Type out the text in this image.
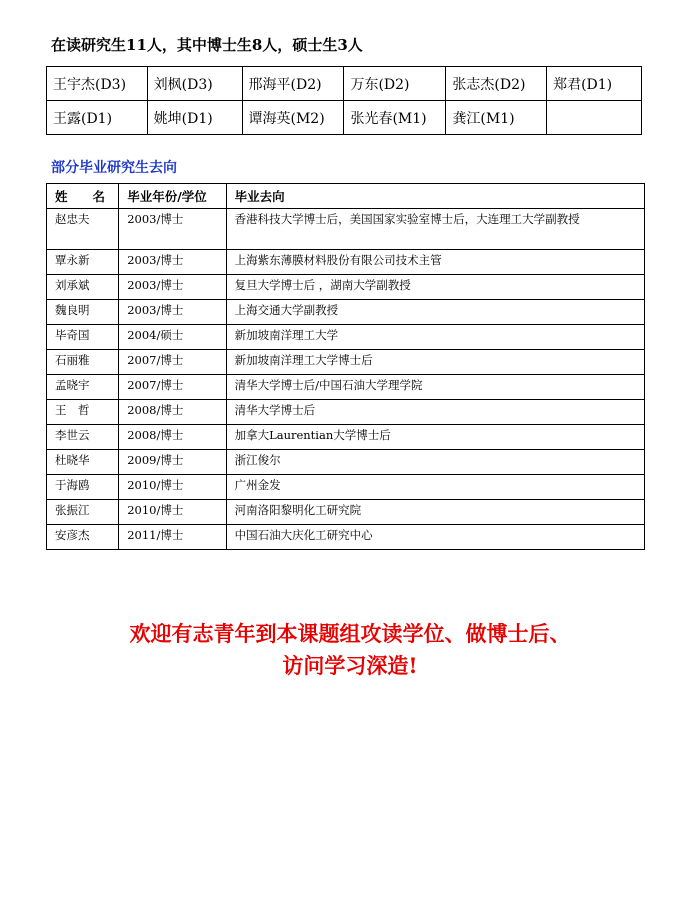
在读研究生11人，其中博士生8人，硕士生3人
王宇杰(D3)	刘枫(D3)	邢海平(D2)	万东(D2)	张志杰(D2)	郑君(D1)
王露(D1)	姚坤(D1)	谭海英(M2)	张光春(M1)	龚江(M1)	
部分毕业研究生去向
姓　　名	毕业年份/学位	毕业去向
赵忠夫	2003/博士	香港科技大学博士后，美国国家实验室博士后，大连理工大学副教授
覃永新	2003/博士	上海紫东薄膜材料股份有限公司技术主管
刘承斌	2003/博士	复旦大学博士后 ，湖南大学副教授
魏良明	2003/博士	上海交通大学副教授
毕奇国	2004/硕士	新加坡南洋理工大学
石丽雅	2007/博士	新加坡南洋理工大学博士后
孟晓宇	2007/博士	清华大学博士后/中国石油大学理学院
王　哲	2008/博士	清华大学博士后
李世云	2008/博士	加拿大Laurentian大学博士后
杜晓华	2009/博士	浙江俊尔
于海鸥	2010/博士	广州金发
张振江	2010/博士	河南洛阳黎明化工研究院
安彦杰	2011/博士	中国石油大庆化工研究中心
欢迎有志青年到本课题组攻读学位、做博士后、
访问学习深造!
